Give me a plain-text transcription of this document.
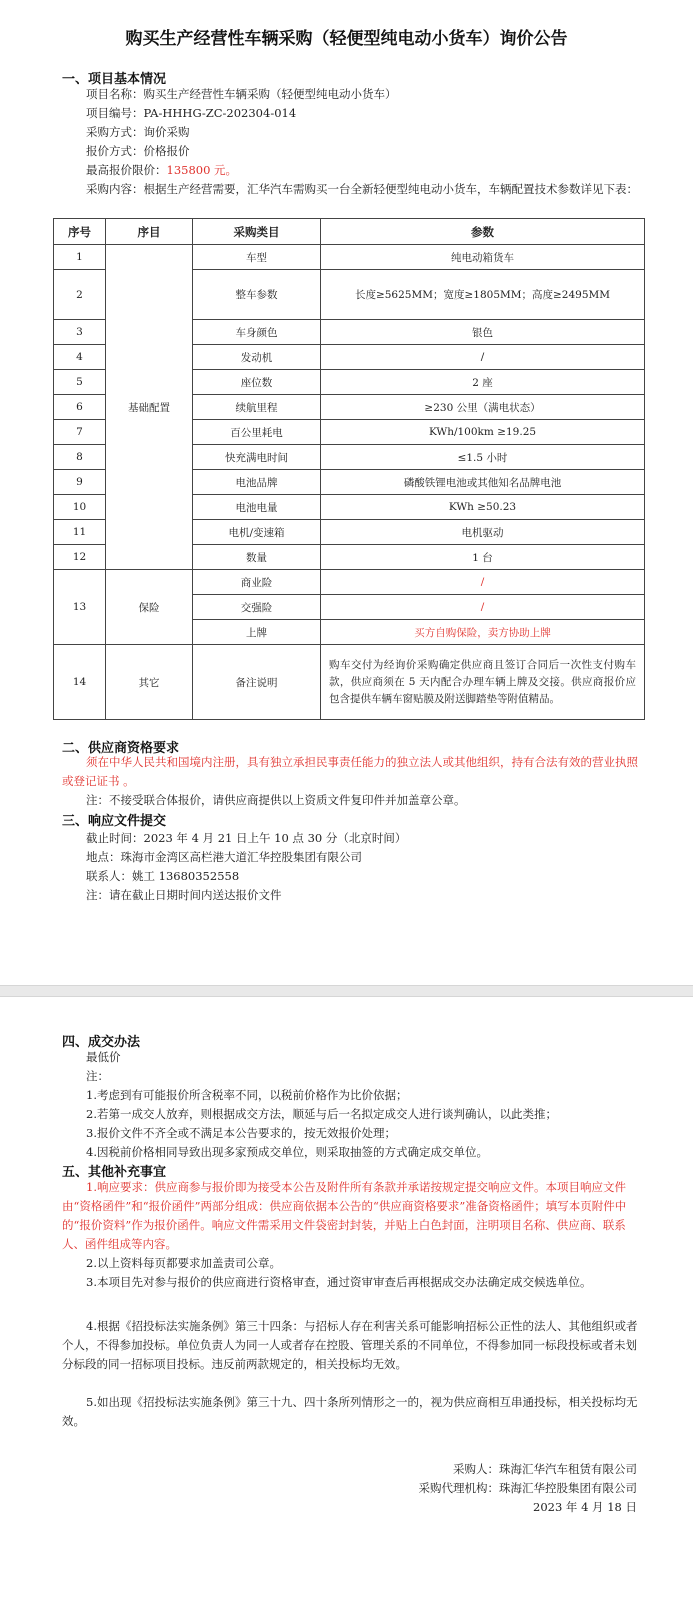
购买生产经营性车辆采购（轻便型纯电动小货车）询价公告
一、项目基本情况
项目名称：购买生产经营性车辆采购（轻便型纯电动小货车）
项目编号：PA-HHHG-ZC-202304-014
采购方式：询价采购
报价方式：价格报价
最高报价限价：135800 元。
采购内容：根据生产经营需要，汇华汽车需购买一台全新轻便型纯电动小货车，车辆配置技术参数详见下表：
序号	序目	采购类目	参数
1	基础配置	车型	纯电动箱货车
2		整车参数	长度≥5625MM；宽度≥1805MM；高度≥2495MM
3		车身颜色	银色
4		发动机	/
5		座位数	2 座
6		续航里程	≥230 公里（满电状态）
7		百公里耗电	KWh/100km ≥19.25
8		快充满电时间	≤1.5 小时
9		电池品牌	磷酸铁锂电池或其他知名品牌电池
10		电池电量	KWh ≥50.23
11		电机/变速箱	电机驱动
12		数量	1 台
13	保险	商业险	/
		交强险	/
		上牌	买方自购保险，卖方协助上牌
14	其它	备注说明	购车交付为经询价采购确定供应商且签订合同后一次性支付购车款，供应商须在 5 天内配合办理车辆上牌及交接。供应商报价应包含提供车辆车窗贴膜及附送脚踏垫等附值精品。
二、供应商资格要求
须在中华人民共和国境内注册，具有独立承担民事责任能力的独立法人或其他组织，持有合法有效的营业执照或登记证书 。
注：不接受联合体报价，请供应商提供以上资质文件复印件并加盖章公章。
三、响应文件提交
截止时间：2023 年 4 月 21 日上午 10 点 30 分（北京时间）
地点：珠海市金湾区高栏港大道汇华控股集团有限公司
联系人：姚工 13680352558
注：请在截止日期时间内送达报价文件
四、成交办法
最低价
注：
1.考虑到有可能报价所含税率不同，以税前价格作为比价依据；
2.若第一成交人放弃，则根据成交方法，顺延与后一名拟定成交人进行谈判确认，以此类推；
3.报价文件不齐全或不满足本公告要求的，按无效报价处理；
4.因税前价格相同导致出现多家预成交单位，则采取抽签的方式确定成交单位。
五、其他补充事宜
1.响应要求：供应商参与报价即为接受本公告及附件所有条款并承诺按规定提交响应文件。本项目响应文件由“资格函件”和“报价函件”两部分组成：供应商依据本公告的“供应商资格要求”准备资格函件；填写本页附件中的“报价资料”作为报价函件。响应文件需采用文件袋密封封装，并贴上白色封面，注明项目名称、供应商、联系人、函件组成等内容。
2.以上资料每页都要求加盖责司公章。
3.本项目先对参与报价的供应商进行资格审查，通过资审审查后再根据成交办法确定成交候选单位。
4.根据《招投标法实施条例》第三十四条：与招标人存在利害关系可能影响招标公正性的法人、其他组织或者个人，不得参加投标。单位负责人为同一人或者存在控股、管理关系的不同单位，不得参加同一标段投标或者未划分标段的同一招标项目投标。违反前两款规定的，相关投标均无效。
5.如出现《招投标法实施条例》第三十九、四十条所列情形之一的，视为供应商相互串通投标，相关投标均无效。
采购人：珠海汇华汽车租赁有限公司
采购代理机构：珠海汇华控股集团有限公司
2023 年 4 月 18 日
